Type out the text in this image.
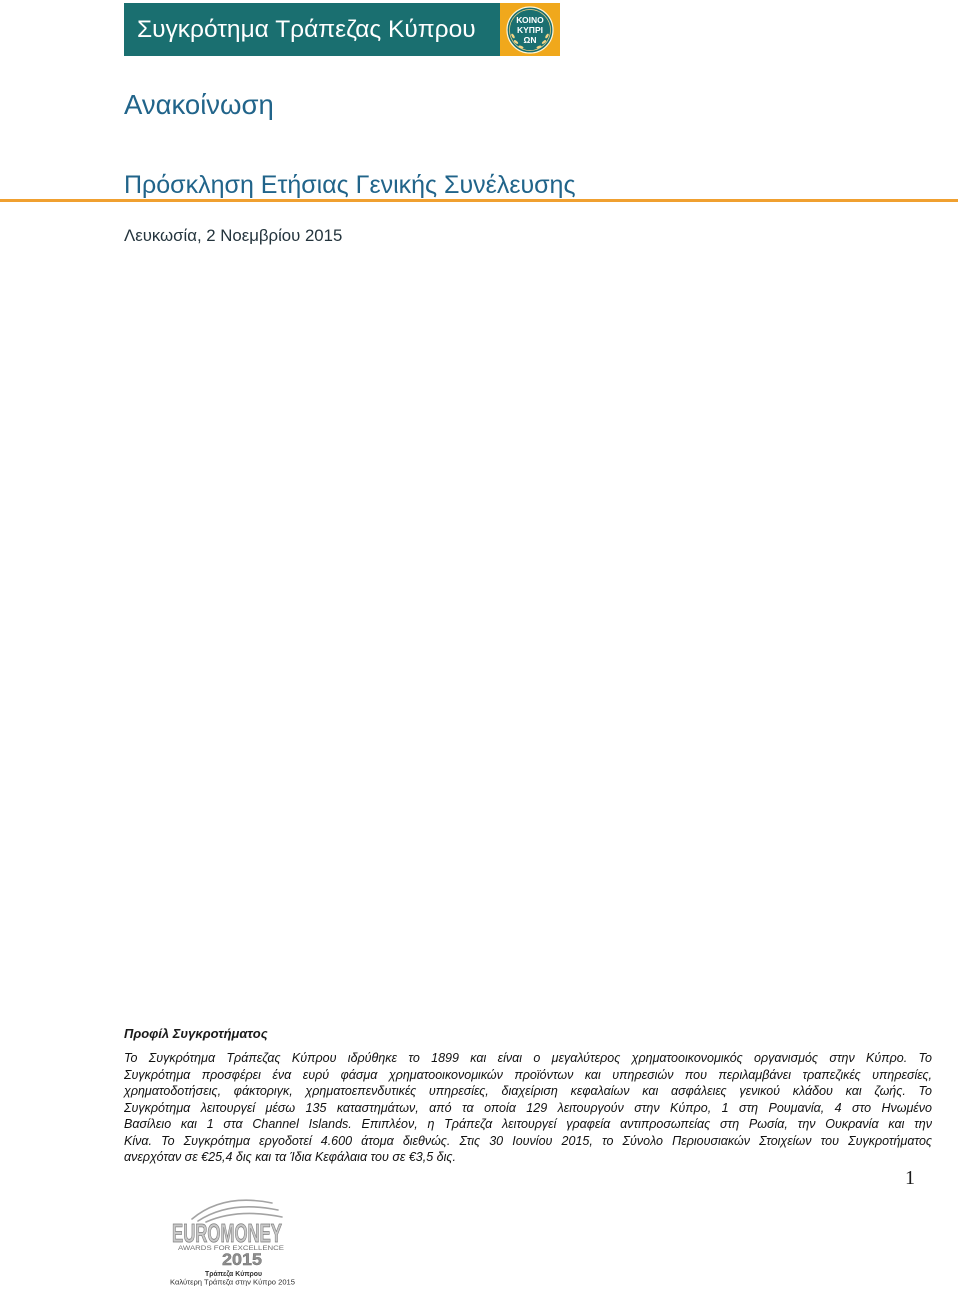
Συγκρότημα Τράπεζας Κύπρου	ΚΟΙΝΟ
ΚΥΠΡΙ
ΩΝ
Ανακοίνωση
Πρόσκληση Ετήσιας Γενικής Συνέλευσης
Λευκωσία, 2 Νοεμβρίου 2015
Προφίλ Συγκροτήματος
Το Συγκρότημα Τράπεζας Κύπρου ιδρύθηκε το 1899 και είναι ο μεγαλύτερος χρηματοοικονομικός οργανισμός στην Κύπρο. Το
Συγκρότημα προσφέρει ένα ευρύ φάσμα χρηματοοικονομικών προϊόντων και υπηρεσιών που περιλαμβάνει τραπεζικές υπηρεσίες,
χρηματοδοτήσεις, φάκτοριγκ, χρηματοεπενδυτικές υπηρεσίες, διαχείριση κεφαλαίων και ασφάλειες γενικού κλάδου και ζωής. Το
Συγκρότημα λειτουργεί μέσω 135 καταστημάτων, από τα οποία 129 λειτουργούν στην Κύπρο, 1 στη Ρουμανία, 4 στο Ηνωμένο
Βασίλειο και 1 στα Channel Islands. Επιπλέον, η Τράπεζα λειτουργεί γραφεία αντιπροσωπείας στη Ρωσία, την Ουκρανία και την
Κίνα. Το Συγκρότημα εργοδοτεί 4.600 άτομα διεθνώς. Στις 30 Ιουνίου 2015, το Σύνολο Περιουσιακών Στοιχείων του Συγκροτήματος
ανερχόταν σε €25,4 δις και τα Ίδια Κεφάλαια του σε €3,5 δις.
1
EUROMONEY
AWARDS FOR EXCELLENCE
2015
Τράπεζα Κύπρου
Καλύτερη Τράπεζα στην Κύπρο 2015
